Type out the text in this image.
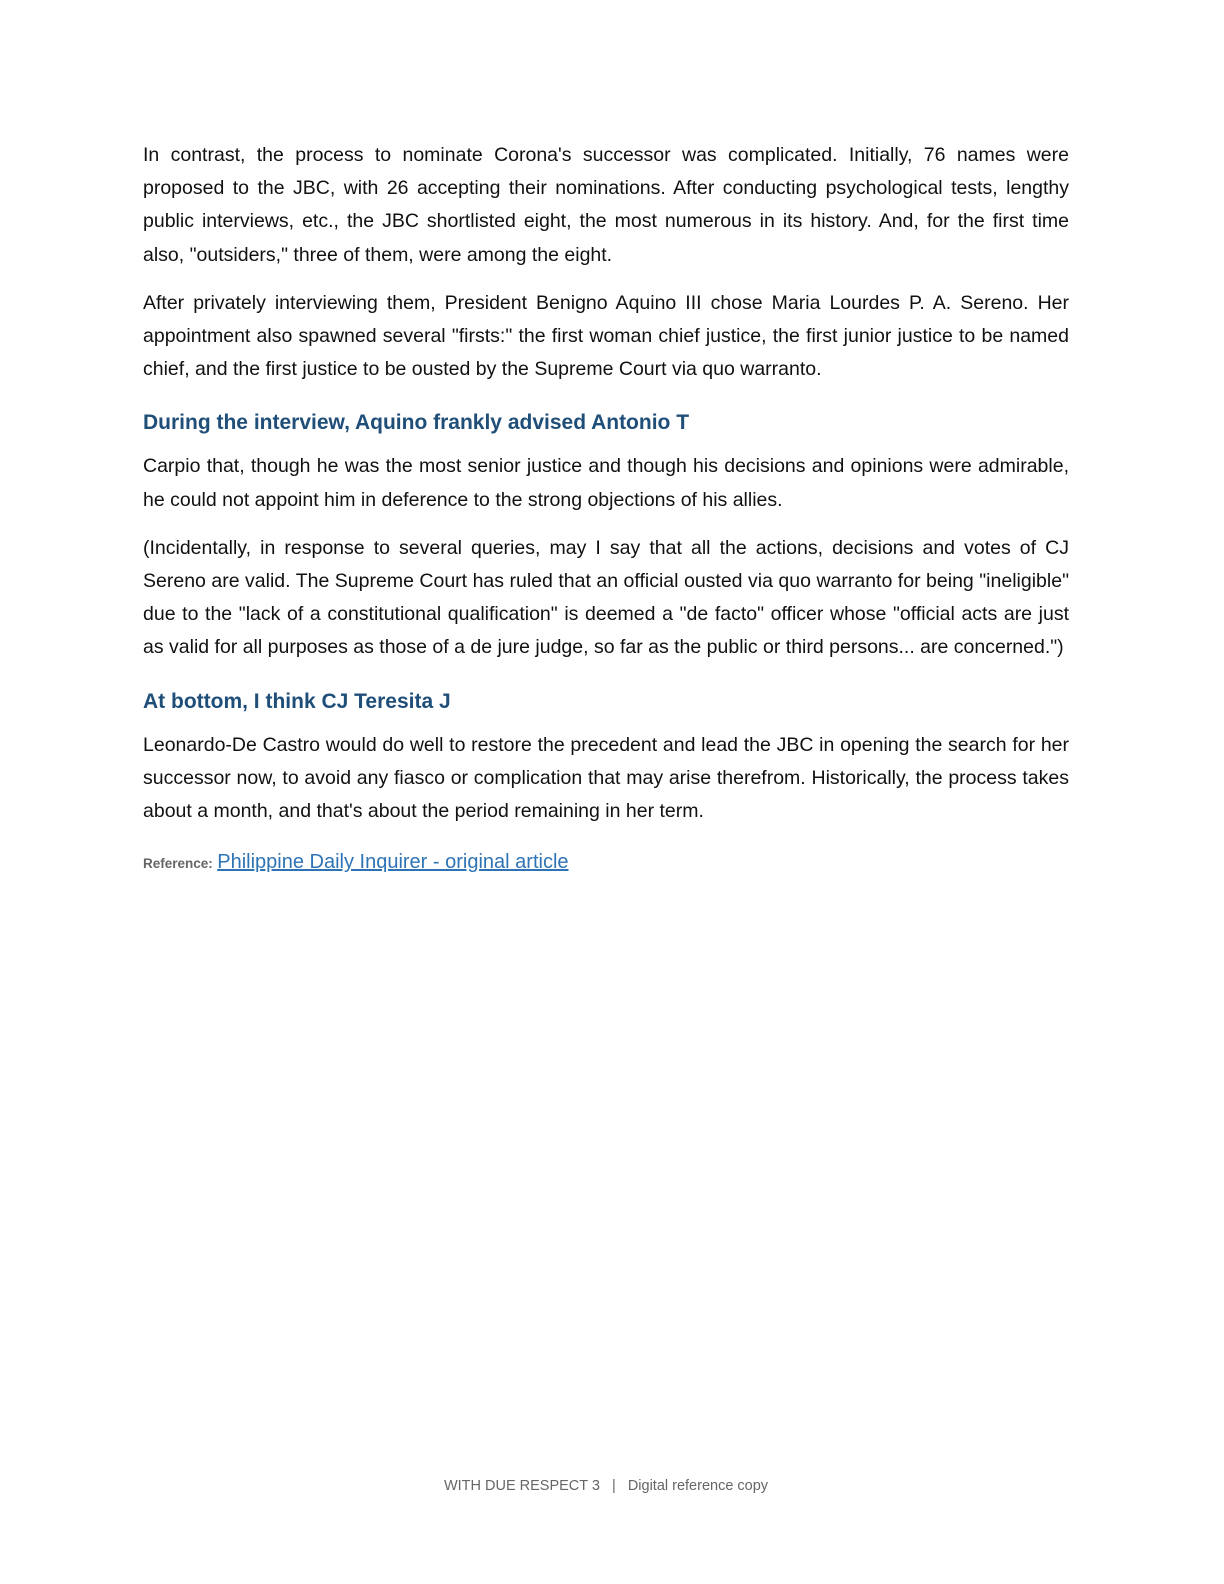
In contrast, the process to nominate Corona's successor was complicated. Initially, 76 names were proposed to the JBC, with 26 accepting their nominations. After conducting psychological tests, lengthy public interviews, etc., the JBC shortlisted eight, the most numerous in its history. And, for the first time also, "outsiders," three of them, were among the eight.

After privately interviewing them, President Benigno Aquino III chose Maria Lourdes P. A. Sereno. Her appointment also spawned several "firsts:" the first woman chief justice, the first junior justice to be named chief, and the first justice to be ousted by the Supreme Court via quo warranto.

During the interview, Aquino frankly advised Antonio T

Carpio that, though he was the most senior justice and though his decisions and opinions were admirable, he could not appoint him in deference to the strong objections of his allies.

(Incidentally, in response to several queries, may I say that all the actions, decisions and votes of CJ Sereno are valid. The Supreme Court has ruled that an official ousted via quo warranto for being "ineligible" due to the "lack of a constitutional qualification" is deemed a "de facto" officer whose "official acts are just as valid for all purposes as those of a de jure judge, so far as the public or third persons... are concerned.")

At bottom, I think CJ Teresita J

Leonardo-De Castro would do well to restore the precedent and lead the JBC in opening the search for her successor now, to avoid any fiasco or complication that may arise therefrom. Historically, the process takes about a month, and that's about the period remaining in her term.

Reference: Philippine Daily Inquirer - original article
WITH DUE RESPECT 3 | Digital reference copy
